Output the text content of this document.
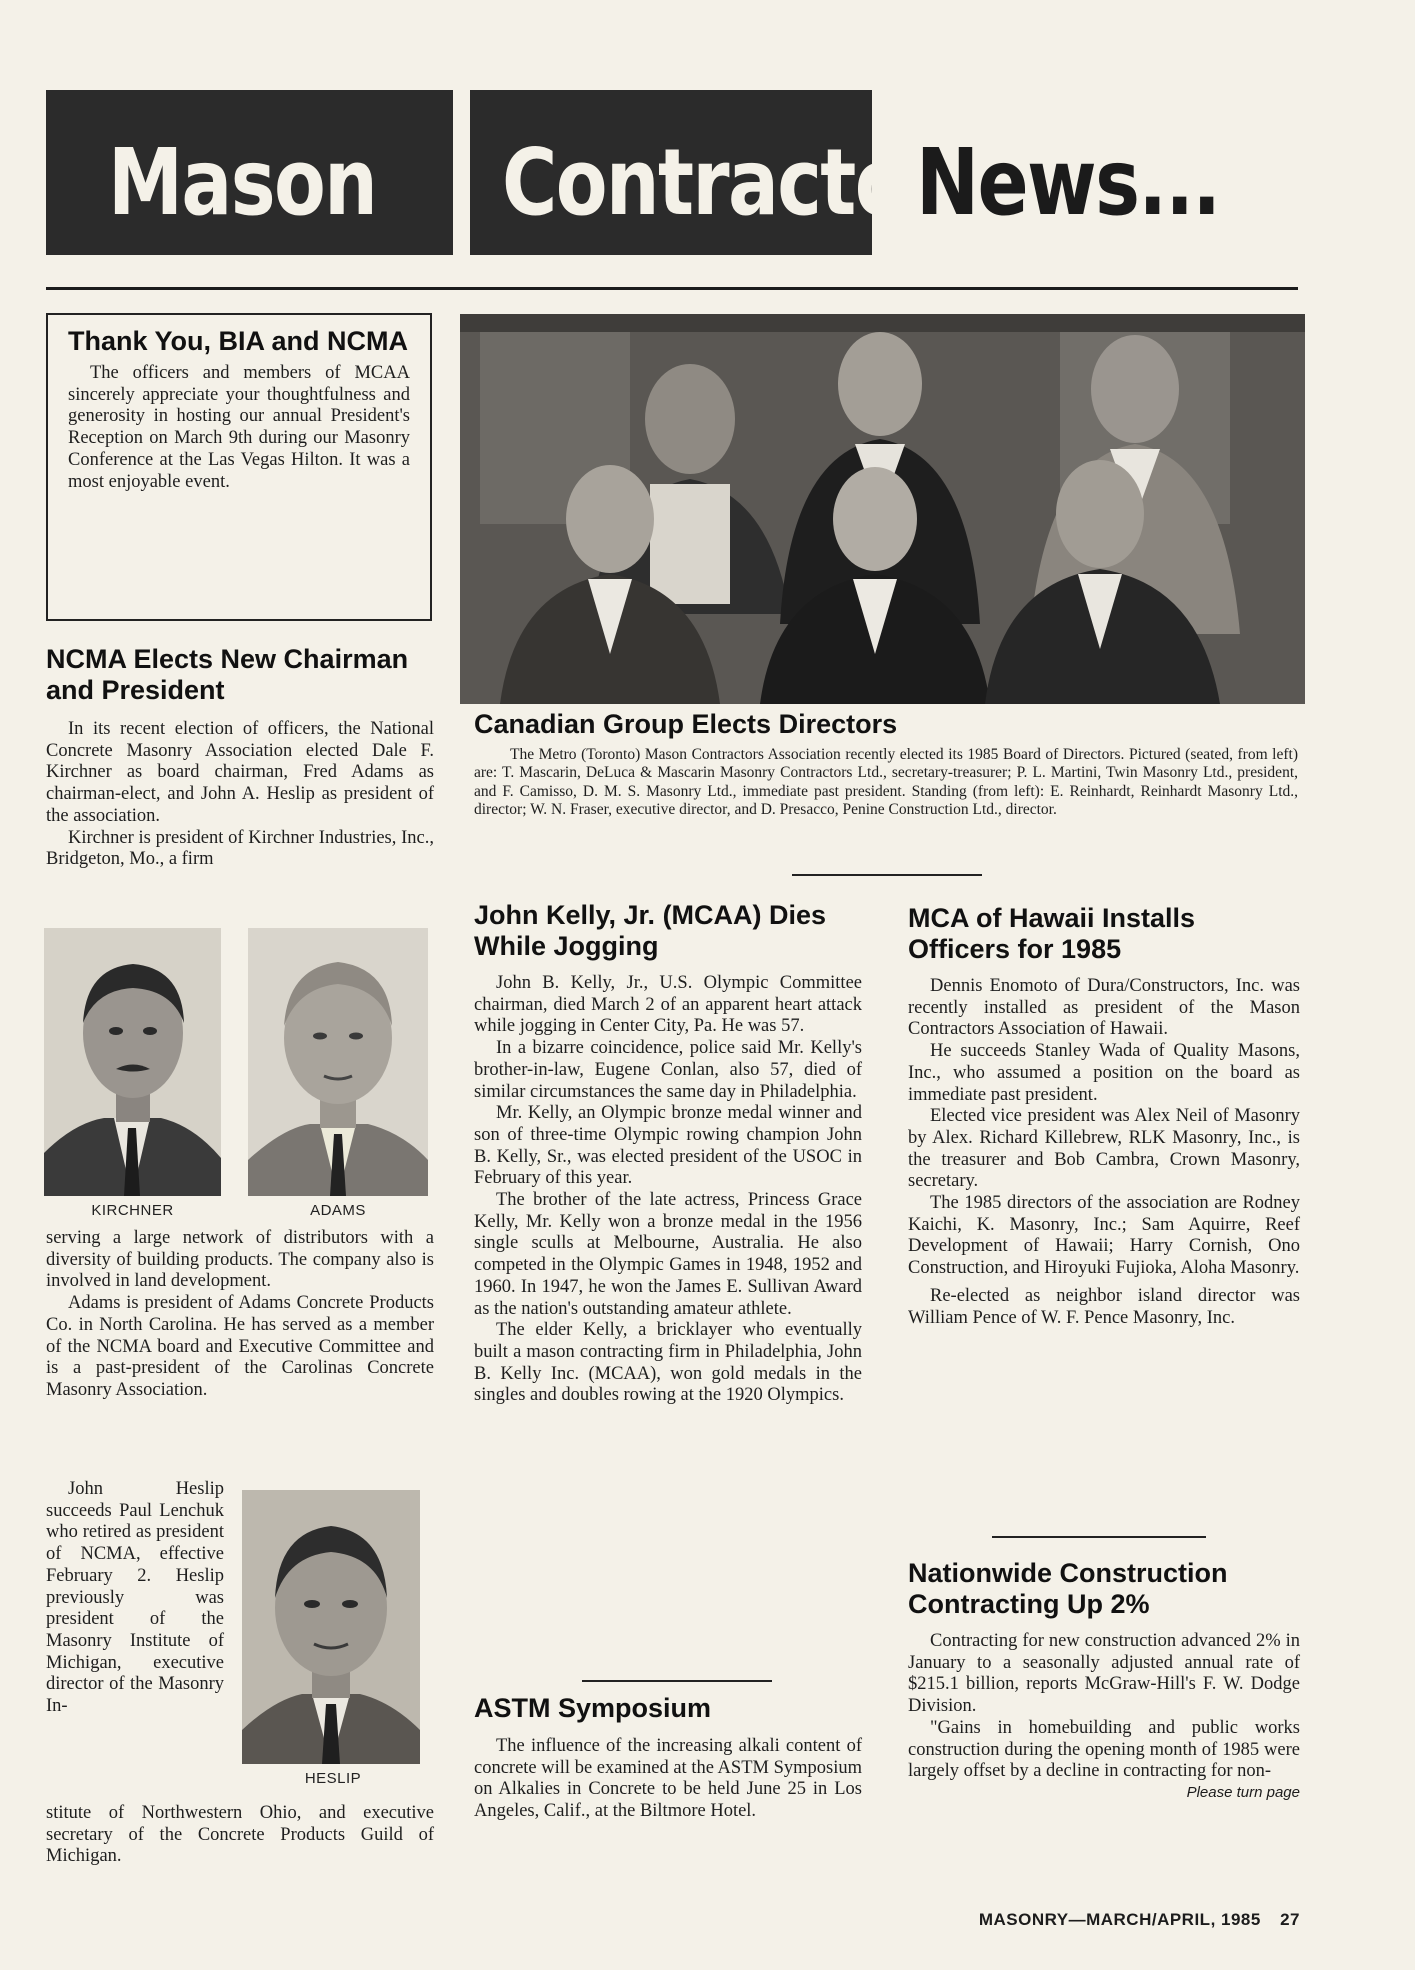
Mason Contractor
News...
Thank You, BIA and NCMA

The officers and members of MCAA sincerely appreciate your thoughtfulness and generosity in hosting our annual President's Reception on March 9th during our Masonry Conference at the Las Vegas Hilton. It was a most enjoyable event.

NCMA Elects New Chairman and President

In its recent election of officers, the National Concrete Masonry Association elected Dale F. Kirchner as board chairman, Fred Adams as chairman-elect, and John A. Heslip as president of the association.

Kirchner is president of Kirchner Industries, Inc., Bridgeton, Mo., a firm

KIRCHNER	ADAMS

serving a large network of distributors with a diversity of building products. The company also is involved in land development.

Adams is president of Adams Concrete Products Co. in North Carolina. He has served as a member of the NCMA board and Executive Committee and is a past-president of the Carolinas Concrete Masonry Association.

John Heslip succeeds Paul Lenchuk who retired as president of NCMA, effective February 2. Heslip previously was president of the Masonry Institute of Michigan, executive director of the Masonry In-

HESLIP

stitute of Northwestern Ohio, and executive secretary of the Concrete Products Guild of Michigan.

Canadian Group Elects Directors

The Metro (Toronto) Mason Contractors Association recently elected its 1985 Board of Directors. Pictured (seated, from left) are: T. Mascarin, DeLuca & Mascarin Masonry Contractors Ltd., secretary-treasurer; P. L. Martini, Twin Masonry Ltd., president, and F. Camisso, D. M. S. Masonry Ltd., immediate past president. Standing (from left): E. Reinhardt, Reinhardt Masonry Ltd., director; W. N. Fraser, executive director, and D. Presacco, Penine Construction Ltd., director.

John Kelly, Jr. (MCAA) Dies While Jogging

John B. Kelly, Jr., U.S. Olympic Committee chairman, died March 2 of an apparent heart attack while jogging in Center City, Pa. He was 57.

In a bizarre coincidence, police said Mr. Kelly's brother-in-law, Eugene Conlan, also 57, died of similar circumstances the same day in Philadelphia.

Mr. Kelly, an Olympic bronze medal winner and son of three-time Olympic rowing champion John B. Kelly, Sr., was elected president of the USOC in February of this year.

The brother of the late actress, Princess Grace Kelly, Mr. Kelly won a bronze medal in the 1956 single sculls at Melbourne, Australia. He also competed in the Olympic Games in 1948, 1952 and 1960. In 1947, he won the James E. Sullivan Award as the nation's outstanding amateur athlete.

The elder Kelly, a bricklayer who eventually built a mason contracting firm in Philadelphia, John B. Kelly Inc. (MCAA), won gold medals in the singles and doubles rowing at the 1920 Olympics.

ASTM Symposium

The influence of the increasing alkali content of concrete will be examined at the ASTM Symposium on Alkalies in Concrete to be held June 25 in Los Angeles, Calif., at the Biltmore Hotel.

MCA of Hawaii Installs Officers for 1985

Dennis Enomoto of Dura/Constructors, Inc. was recently installed as president of the Mason Contractors Association of Hawaii.

He succeeds Stanley Wada of Quality Masons, Inc., who assumed a position on the board as immediate past president.

Elected vice president was Alex Neil of Masonry by Alex. Richard Killebrew, RLK Masonry, Inc., is the treasurer and Bob Cambra, Crown Masonry, secretary.

The 1985 directors of the association are Rodney Kaichi, K. Masonry, Inc.; Sam Aquirre, Reef Development of Hawaii; Harry Cornish, Ono Construction, and Hiroyuki Fujioka, Aloha Masonry.

Re-elected as neighbor island director was William Pence of W. F. Pence Masonry, Inc.

Nationwide Construction Contracting Up 2%

Contracting for new construction advanced 2% in January to a seasonally adjusted annual rate of $215.1 billion, reports McGraw-Hill's F. W. Dodge Division.

"Gains in homebuilding and public works construction during the opening month of 1985 were largely offset by a decline in contracting for non-

Please turn page
MASONRY—MARCH/APRIL, 1985 27
